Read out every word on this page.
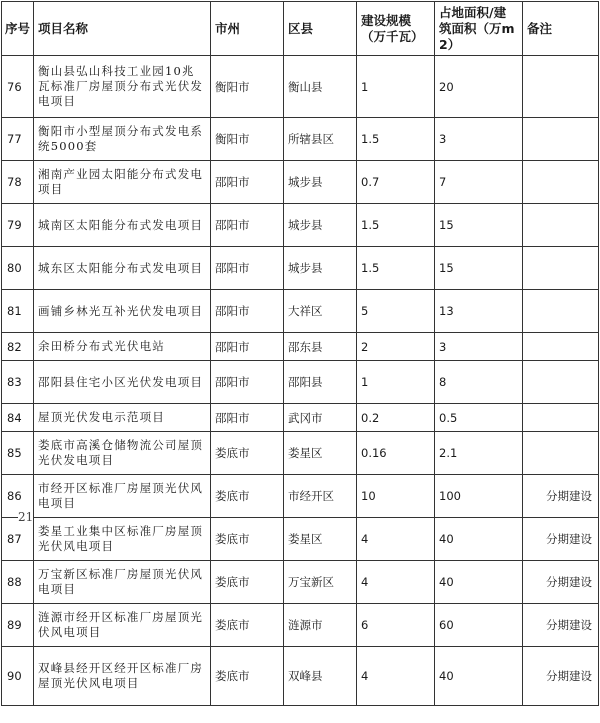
序号	项目名称	市州	区县	建设规模（万千瓦）	占地面积/建筑面积（万m2）	备注
76	衡山县弘山科技工业园10兆瓦标准厂房屋顶分布式光伏发电项目	衡阳市	衡山县	1	20	
77	衡阳市小型屋顶分布式发电系统5000套	衡阳市	所辖县区	1.5	3	
78	湘南产业园太阳能分布式发电项目	邵阳市	城步县	0.7	7	
79	城南区太阳能分布式发电项目	邵阳市	城步县	1.5	15	
80	城东区太阳能分布式发电项目	邵阳市	城步县	1.5	15	
81	画铺乡林光互补光伏发电项目	邵阳市	大祥区	5	13	
82	余田桥分布式光伏电站	邵阳市	邵东县	2	3	
83	邵阳县住宅小区光伏发电项目	邵阳市	邵阳县	1	8	
84	屋顶光伏发电示范项目	邵阳市	武冈市	0.2	0.5	
85	娄底市高溪仓储物流公司屋顶光伏发电项目	娄底市	娄星区	0.16	2.1	
86	市经开区标准厂房屋顶光伏风电项目	娄底市	市经开区	10	100	分期建设
87	娄星工业集中区标准厂房屋顶光伏风电项目	娄底市	娄星区	4	40	分期建设
88	万宝新区标准厂房屋顶光伏风电项目	娄底市	万宝新区	4	40	分期建设
89	涟源市经开区标准厂房屋顶光伏风电项目	娄底市	涟源市	6	60	分期建设
90	双峰县经开区经开区标准厂房屋顶光伏风电项目	娄底市	双峰县	4	40	分期建设
21
